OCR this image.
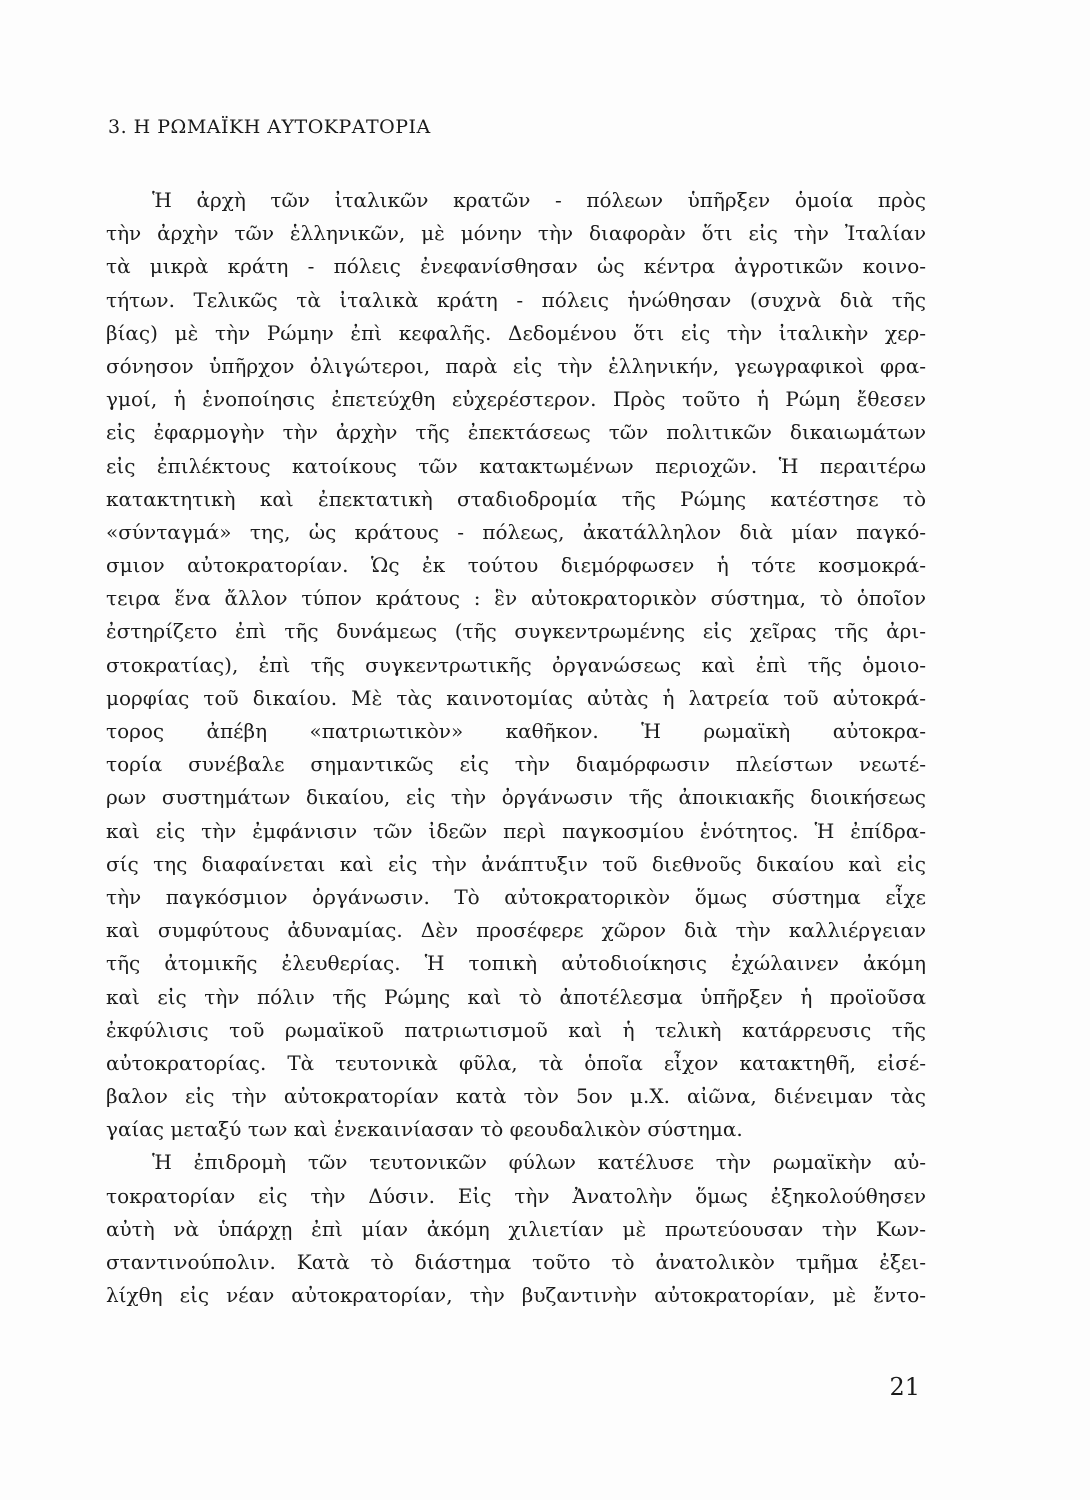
3. Η ΡΩΜΑΪΚΗ ΑΥΤΟΚΡΑΤΟΡΙΑ
Ἡ ἀρχὴ τῶν ἰταλικῶν κρατῶν - πόλεων ὑπῆρξεν ὁμοία πρὸς
τὴν ἀρχὴν τῶν ἑλληνικῶν, μὲ μόνην τὴν διαφορὰν ὅτι εἰς τὴν Ἰταλίαν
τὰ μικρὰ κράτη - πόλεις ἐνεφανίσθησαν ὡς κέντρα ἀγροτικῶν κοινο-
τήτων. Τελικῶς τὰ ἰταλικὰ κράτη - πόλεις ἡνώθησαν (συχνὰ διὰ τῆς
βίας) μὲ τὴν Ρώμην ἐπὶ κεφαλῆς. Δεδομένου ὅτι εἰς τὴν ἰταλικὴν χερ-
σόνησον ὑπῆρχον ὀλιγώτεροι, παρὰ εἰς τὴν ἑλληνικήν, γεωγραφικοὶ φρα-
γμοί, ἡ ἑνοποίησις ἐπετεύχθη εὐχερέστερον. Πρὸς τοῦτο ἡ Ρώμη ἔθεσεν
εἰς ἐφαρμογὴν τὴν ἀρχὴν τῆς ἐπεκτάσεως τῶν πολιτικῶν δικαιωμάτων
εἰς ἐπιλέκτους κατοίκους τῶν κατακτωμένων περιοχῶν. Ἡ περαιτέρω
κατακτητικὴ καὶ ἐπεκτατικὴ σταδιοδρομία τῆς Ρώμης κατέστησε τὸ
«σύνταγμά» της, ὡς κράτους - πόλεως, ἀκατάλληλον διὰ μίαν παγκό-
σμιον αὐτοκρατορίαν. Ὡς ἐκ τούτου διεμόρφωσεν ἡ τότε κοσμοκρά-
τειρα ἕνα ἄλλον τύπον κράτους : ἓν αὐτοκρατορικὸν σύστημα, τὸ ὁποῖον
ἐστηρίζετο ἐπὶ τῆς δυνάμεως (τῆς συγκεντρωμένης εἰς χεῖρας τῆς ἀρι-
στοκρατίας), ἐπὶ τῆς συγκεντρωτικῆς ὀργανώσεως καὶ ἐπὶ τῆς ὁμοιο-
μορφίας τοῦ δικαίου. Μὲ τὰς καινοτομίας αὐτὰς ἡ λατρεία τοῦ αὐτοκρά-
τορος ἀπέβη «πατριωτικὸν» καθῆκον. Ἡ ρωμαϊκὴ αὐτοκρα-
τορία συνέβαλε σημαντικῶς εἰς τὴν διαμόρφωσιν πλείστων νεωτέ-
ρων συστημάτων δικαίου, εἰς τὴν ὀργάνωσιν τῆς ἀποικιακῆς διοικήσεως
καὶ εἰς τὴν ἐμφάνισιν τῶν ἰδεῶν περὶ παγκοσμίου ἑνότητος. Ἡ ἐπίδρα-
σίς της διαφαίνεται καὶ εἰς τὴν ἀνάπτυξιν τοῦ διεθνοῦς δικαίου καὶ εἰς
τὴν παγκόσμιον ὀργάνωσιν. Τὸ αὐτοκρατορικὸν ὅμως σύστημα εἶχε
καὶ συμφύτους ἀδυναμίας. Δὲν προσέφερε χῶρον διὰ τὴν καλλιέργειαν
τῆς ἀτομικῆς ἐλευθερίας. Ἡ τοπικὴ αὐτοδιοίκησις ἐχώλαινεν ἀκόμη
καὶ εἰς τὴν πόλιν τῆς Ρώμης καὶ τὸ ἀποτέλεσμα ὑπῆρξεν ἡ προϊοῦσα
ἐκφύλισις τοῦ ρωμαϊκοῦ πατριωτισμοῦ καὶ ἡ τελικὴ κατάρρευσις τῆς
αὐτοκρατορίας. Τὰ τευτονικὰ φῦλα, τὰ ὁποῖα εἶχον κατακτηθῆ, εἰσέ-
βαλον εἰς τὴν αὐτοκρατορίαν κατὰ τὸν 5ον μ.Χ. αἰῶνα, διένειμαν τὰς
γαίας μεταξύ των καὶ ἐνεκαινίασαν τὸ φεουδαλικὸν σύστημα.
Ἡ ἐπιδρομὴ τῶν τευτονικῶν φύλων κατέλυσε τὴν ρωμαϊκὴν αὐ-
τοκρατορίαν εἰς τὴν Δύσιν. Εἰς τὴν Ἀνατολὴν ὅμως ἐξηκολούθησεν
αὐτὴ νὰ ὑπάρχῃ ἐπὶ μίαν ἀκόμη χιλιετίαν μὲ πρωτεύουσαν τὴν Κων-
σταντινούπολιν. Κατὰ τὸ διάστημα τοῦτο τὸ ἀνατολικὸν τμῆμα ἐξει-
λίχθη εἰς νέαν αὐτοκρατορίαν, τὴν βυζαντινὴν αὐτοκρατορίαν, μὲ ἔντο-
21
